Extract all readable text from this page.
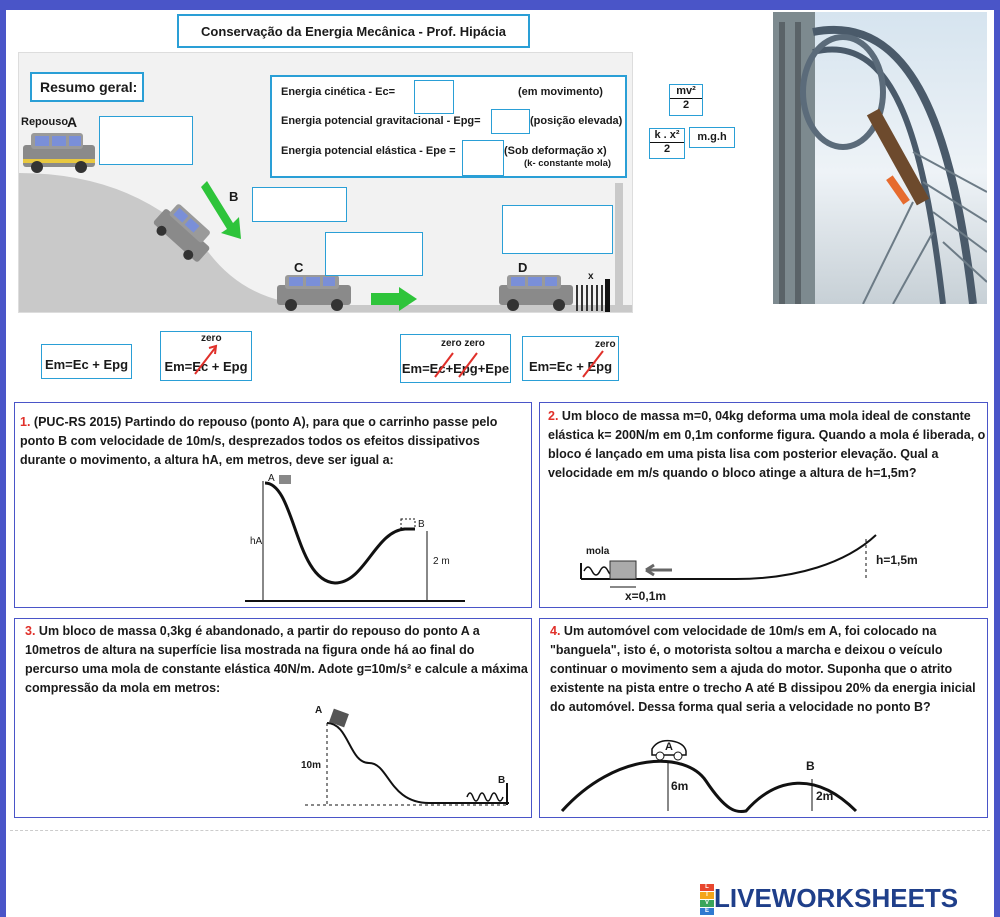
Conservação da Energia Mecânica - Prof. Hipácia
Repouso
A
B
C	D
x
Resumo geral:	Energia cinética - Ec=	(em movimento)
Energia potencial gravitacional - Epg=	(posição elevada)
Energia potencial elástica - Epe =	(Sob deformação x)
(k- constante mola)
$\frac{\text{mv²}}{2}$
$\frac{\text{k . x²}}{2}$	m.g.h
Em=Ec + Epg
zero
Em=Ec + Epg
zero zero
Em=Ec+Epg+Epe
zero
Em=Ec + Epg
1. (PUC-RS 2015) Partindo do repouso (ponto A), para que o carrinho passe pelo ponto B com velocidade de 10m/s, desprezados todos os efeitos dissipativos durante o movimento, a altura hA, em metros, deve ser igual a:
A
B
hA
2 m
2. Um bloco de massa m=0, 04kg deforma uma mola ideal de constante elástica k= 200N/m em 0,1m conforme figura. Quando a mola é liberada, o bloco é lançado em uma pista lisa com posterior elevação. Qual a velocidade em m/s quando o bloco atinge a altura de h=1,5m?
mola
h=1,5m
x=0,1m
3. Um bloco de massa 0,3kg é abandonado, a partir do repouso do ponto A a 10metros de altura na superfície lisa mostrada na figura onde há ao final do percurso uma mola de constante elástica 40N/m. Adote g=10m/s² e calcule a máxima compressão da mola em metros:
A
B
10m
4. Um automóvel com velocidade de 10m/s em A, foi colocado na "banguela", isto é, o motorista soltou a marcha e deixou o veículo continuar o movimento sem a ajuda do motor. Suponha que o atrito existente na pista entre o trecho A até B dissipou 20% da energia inicial do automóvel. Dessa forma qual seria a velocidade no ponto B?
A
B
6m
2m
L
I
V
E LIVEWORKSHEETS
